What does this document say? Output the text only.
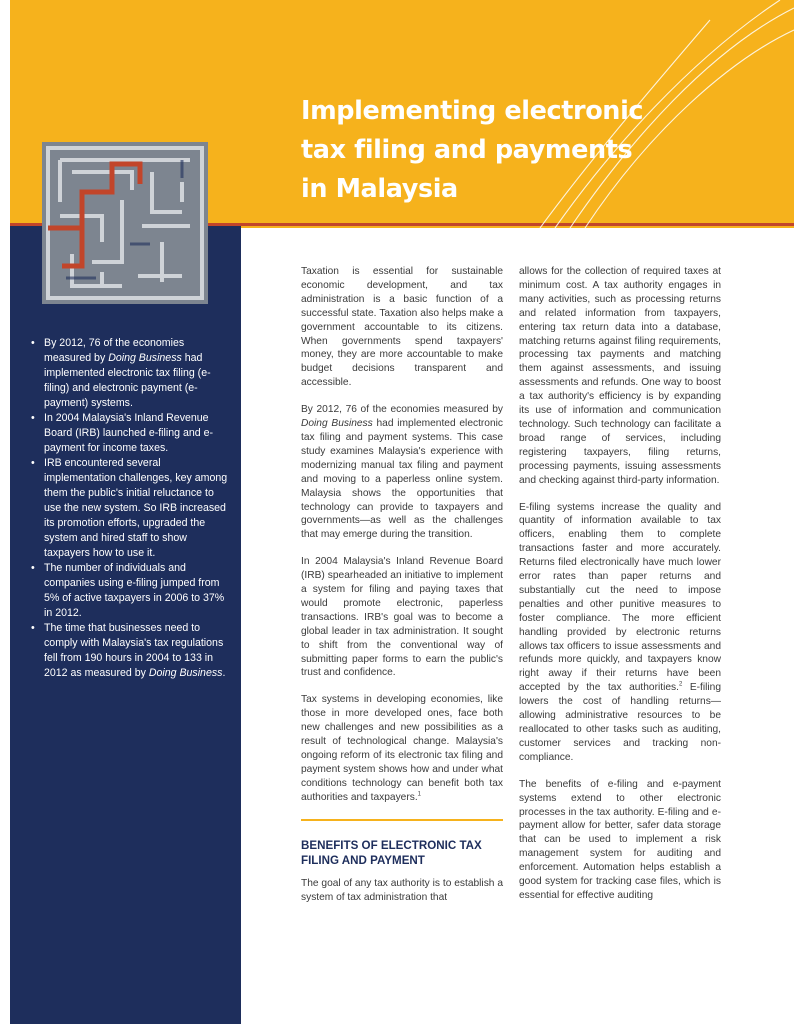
Implementing electronic
tax filing and payments
in Malaysia
• By 2012, 76 of the economies measured by Doing Business had implemented electronic tax filing (e-filing) and electronic payment (e-payment) systems.
• In 2004 Malaysia's Inland Revenue Board (IRB) launched e-filing and e-payment for income taxes.
• IRB encountered several implementation challenges, key among them the public's initial reluctance to use the new system. So IRB increased its promotion efforts, upgraded the system and hired staff to show taxpayers how to use it.
• The number of individuals and companies using e-filing jumped from 5% of active taxpayers in 2006 to 37% in 2012.
• The time that businesses need to comply with Malaysia's tax regulations fell from 190 hours in 2004 to 133 in 2012 as measured by Doing Business.

Taxation is essential for sustainable economic development, and tax administration is a basic function of a successful state. Taxation also helps make a government accountable to its citizens. When governments spend taxpayers' money, they are more accountable to make budget decisions transparent and accessible.

By 2012, 76 of the economies measured by Doing Business had implemented electronic tax filing and payment systems. This case study examines Malaysia's experience with modernizing manual tax filing and payment and moving to a paperless online system. Malaysia shows the opportunities that technology can provide to taxpayers and governments—as well as the challenges that may emerge during the transition.

In 2004 Malaysia's Inland Revenue Board (IRB) spearheaded an initiative to implement a system for filing and paying taxes that would promote electronic, paperless transactions. IRB's goal was to become a global leader in tax administration. It sought to shift from the conventional way of submitting paper forms to earn the public's trust and confidence.

Tax systems in developing economies, like those in more developed ones, face both new challenges and new possibilities as a result of technological change. Malaysia's ongoing reform of its electronic tax filing and payment system shows how and under what conditions technology can benefit both tax authorities and taxpayers.$^1$

BENEFITS OF ELECTRONIC TAX FILING AND PAYMENT

The goal of any tax authority is to establish a system of tax administration that

allows for the collection of required taxes at minimum cost. A tax authority engages in many activities, such as processing returns and related information from taxpayers, entering tax return data into a database, matching returns against filing requirements, processing tax payments and matching them against assessments, and issuing assessments and refunds. One way to boost a tax authority's efficiency is by expanding its use of information and communication technology. Such technology can facilitate a broad range of services, including registering taxpayers, filing returns, processing payments, issuing assessments and checking against third-party information.

E-filing systems increase the quality and quantity of information available to tax officers, enabling them to complete transactions faster and more accurately. Returns filed electronically have much lower error rates than paper returns and substantially cut the need to impose penalties and other punitive measures to foster compliance. The more efficient handling provided by electronic returns allows tax officers to issue assessments and refunds more quickly, and taxpayers know right away if their returns have been accepted by the tax authorities.$^2$ E-filing lowers the cost of handling returns—allowing administrative resources to be reallocated to other tasks such as auditing, customer services and tracking non-compliance.

The benefits of e-filing and e-payment systems extend to other electronic processes in the tax authority. E-filing and e-payment allow for better, safer data storage that can be used to implement a risk management system for auditing and enforcement. Automation helps establish a good system for tracking case files, which is essential for effective auditing
